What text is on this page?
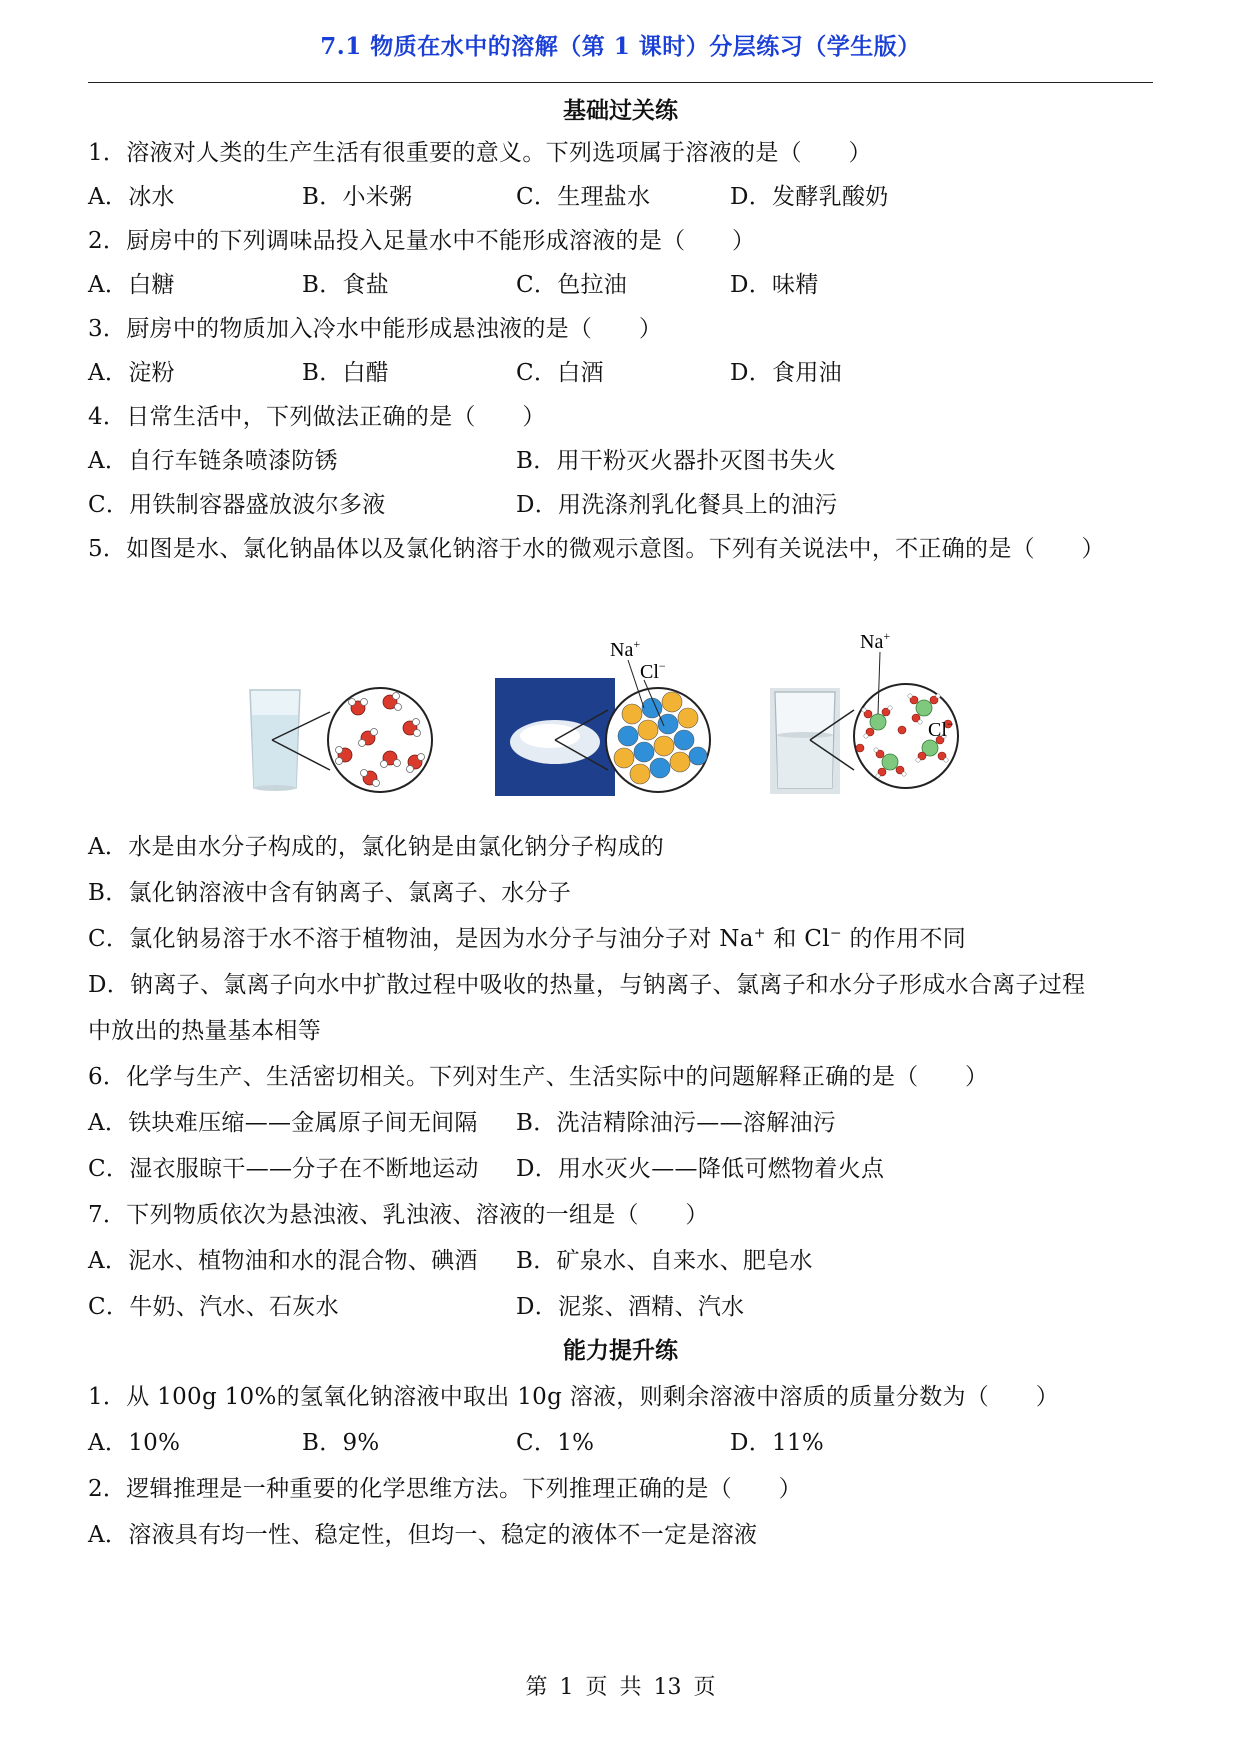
7.1 物质在水中的溶解（第 1 课时）分层练习（学生版）
基础过关练
1．溶液对人类的生产生活有很重要的意义。下列选项属于溶液的是（　　）
A．冰水	B．小米粥	C．生理盐水	D．发酵乳酸奶
2．厨房中的下列调味品投入足量水中不能形成溶液的是（　　）
A．白糖	B．食盐	C．色拉油	D．味精
3．厨房中的物质加入冷水中能形成悬浊液的是（　　）
A．淀粉	B．白醋	C．白酒	D．食用油
4．日常生活中，下列做法正确的是（　　）
A．自行车链条喷漆防锈	B．用干粉灭火器扑灭图书失火
C．用铁制容器盛放波尔多液	D．用洗涤剂乳化餐具上的油污
5．如图是水、氯化钠晶体以及氯化钠溶于水的微观示意图。下列有关说法中，不正确的是（　　）
Na+
Cl−
Na+
Cl−
A．水是由水分子构成的，氯化钠是由氯化钠分子构成的
B．氯化钠溶液中含有钠离子、氯离子、水分子
C．氯化钠易溶于水不溶于植物油，是因为水分子与油分子对 Na+ 和 Cl− 的作用不同
D．钠离子、氯离子向水中扩散过程中吸收的热量，与钠离子、氯离子和水分子形成水合离子过程
中放出的热量基本相等
6．化学与生产、生活密切相关。下列对生产、生活实际中的问题解释正确的是（　　）
A．铁块难压缩——金属原子间无间隔 B．洗洁精除油污——溶解油污
C．湿衣服晾干——分子在不断地运动 D．用水灭火——降低可燃物着火点
7．下列物质依次为悬浊液、乳浊液、溶液的一组是（　　）
A．泥水、植物油和水的混合物、碘酒 B．矿泉水、自来水、肥皂水
C．牛奶、汽水、石灰水	D．泥浆、酒精、汽水
能力提升练
1．从 100g 10%的氢氧化钠溶液中取出 10g 溶液，则剩余溶液中溶质的质量分数为（　　）
A．10%	B．9%	C．1%	D．11%
2．逻辑推理是一种重要的化学思维方法。下列推理正确的是（　　）
A．溶液具有均一性、稳定性，但均一、稳定的液体不一定是溶液
第 1 页 共 13 页
